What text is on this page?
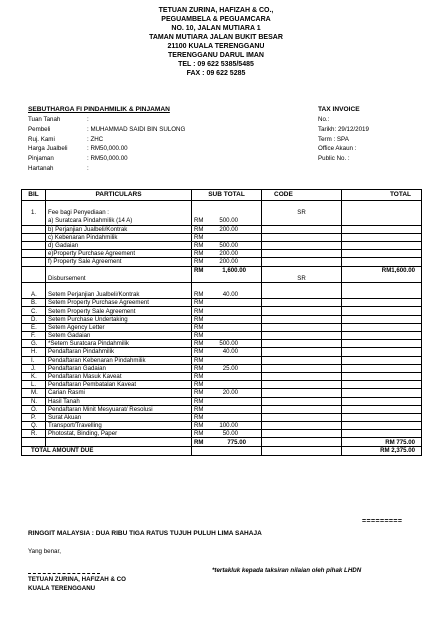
TETUAN ZURINA, HAFIZAH & CO.,
PEGUAMBELA & PEGUAMCARA
NO. 10, JALAN MUTIARA 1
TAMAN MUTIARA JALAN BUKIT BESAR
21100 KUALA TERENGGANU
TERENGGANU DARUL IMAN
TEL : 09 622 5385/5485
FAX : 09 622 5285
SEBUTHARGA FI PINDAHMILIK & PINJAMAN	TAX INVOICE
Tuan Tanah	:
Pembeli	: MUHAMMAD SAIDI BIN SULONG
Ruj. Kami	: ZHC
Harga Jualbeli	: RM50,000.00
Pinjaman	: RM50,000.00
Hartanah	:
No.:
Tarikh: 29/12/2019
Term : SPA
Office Akaun :
Public No. :
BIL	PARTICULARS	SUB TOTAL	CODE	TOTAL

1.	Fee bagi Penyediaan :		SR	
	a) Suratcara Pindahmilik (14 A)	RM 500.00		
	b) Perjanjian Jualbeli/Kontrak	RM 200.00		
	c) Kebenaran Pindahmilik	RM		
	d) Gadaian	RM 500.00		
	e)Property Purchase Agreement	RM 200.00		
	f) Property Sale Agreement	RM 200.00		
		RM 1,600.00		RM1,600.00
	Disbursement		SR	

A.	Setem Perjanjian Jualbeli/Kontrak	RM 40.00		
B.	Setem Property Purchase Agreement	RM		
C.	Setem Property Sale Agreement	RM		
D.	Setem Purchase Undertaking	RM		
E.	Setem Agency Letter	RM		
F.	Setem Gadaian	RM		
G.	*Setem Suratcara Pindahmilik	RM 500.00		
H.	Pendaftaran Pindahmilik	RM 40.00		
I.	Pendaftaran Kebenaran Pindahmilik	RM		
J.	Pendaftaran Gadaian	RM 25.00		
K.	Pendaftaran Masuk Kaveat	RM		
L.	Pendaftaran Pembatalan Kaveat	RM		
M.	Carian Rasmi	RM 20.00		
N.	Hasil Tanah	RM		
O.	Pendaftaran Minit Mesyuarat/ Resolusi	RM		
P.	Surat Akuan	RM		
Q.	Transport/Travelling	RM 100.00		
R.	Photostat, Binding, Paper	RM 50.00		
		RM 775.00		RM 775.00
TOTAL AMOUNT DUE				RM 2,375.00
=========
RINGGIT MALAYSIA : DUA RIBU TIGA RATUS TUJUH PULUH LIMA SAHAJA
Yang benar,
*tertakluk kepada taksiran nilaian oleh pihak LHDN
TETUAN ZURINA, HAFIZAH & CO
KUALA TERENGGANU
